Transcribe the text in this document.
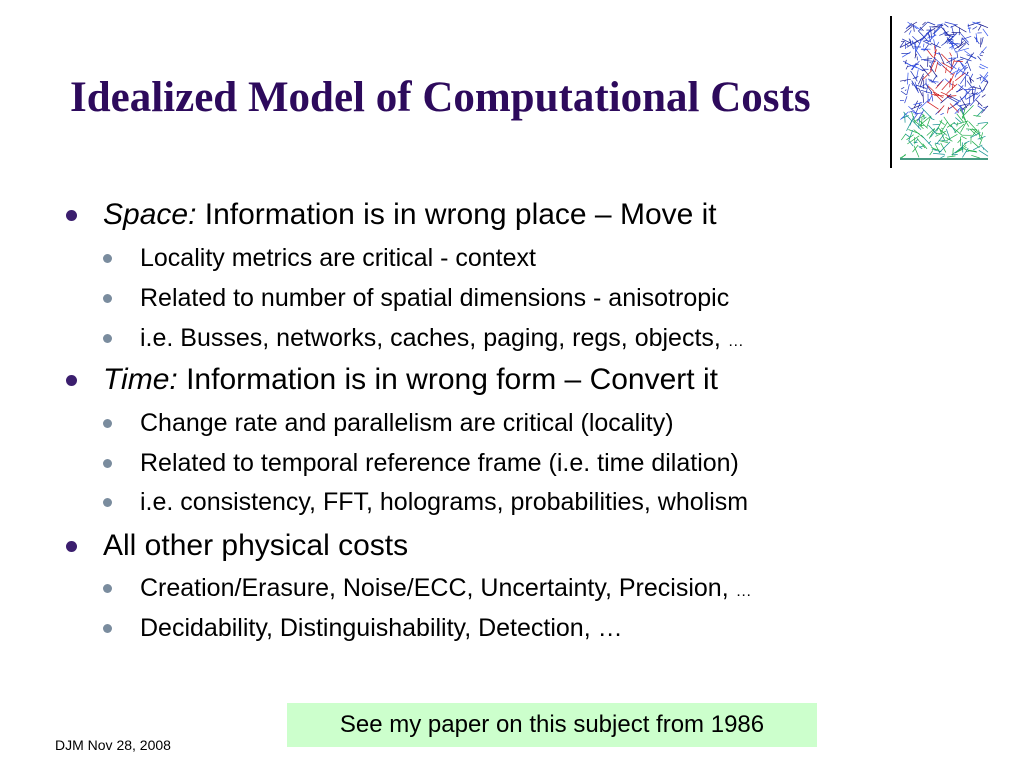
Idealized Model of Computational Costs
Space: Information is in wrong place – Move it
Locality metrics are critical - context
Related to number of spatial dimensions - anisotropic
i.e. Busses, networks, caches, paging, regs, objects, …
Time: Information is in wrong form – Convert it
Change rate and parallelism are critical (locality)
Related to temporal reference frame (i.e. time dilation)
i.e. consistency, FFT, holograms, probabilities, wholism
All other physical costs
Creation/Erasure, Noise/ECC, Uncertainty, Precision, …
Decidability, Distinguishability, Detection, …
See my paper on this subject from 1986
DJM Nov 28, 2008
